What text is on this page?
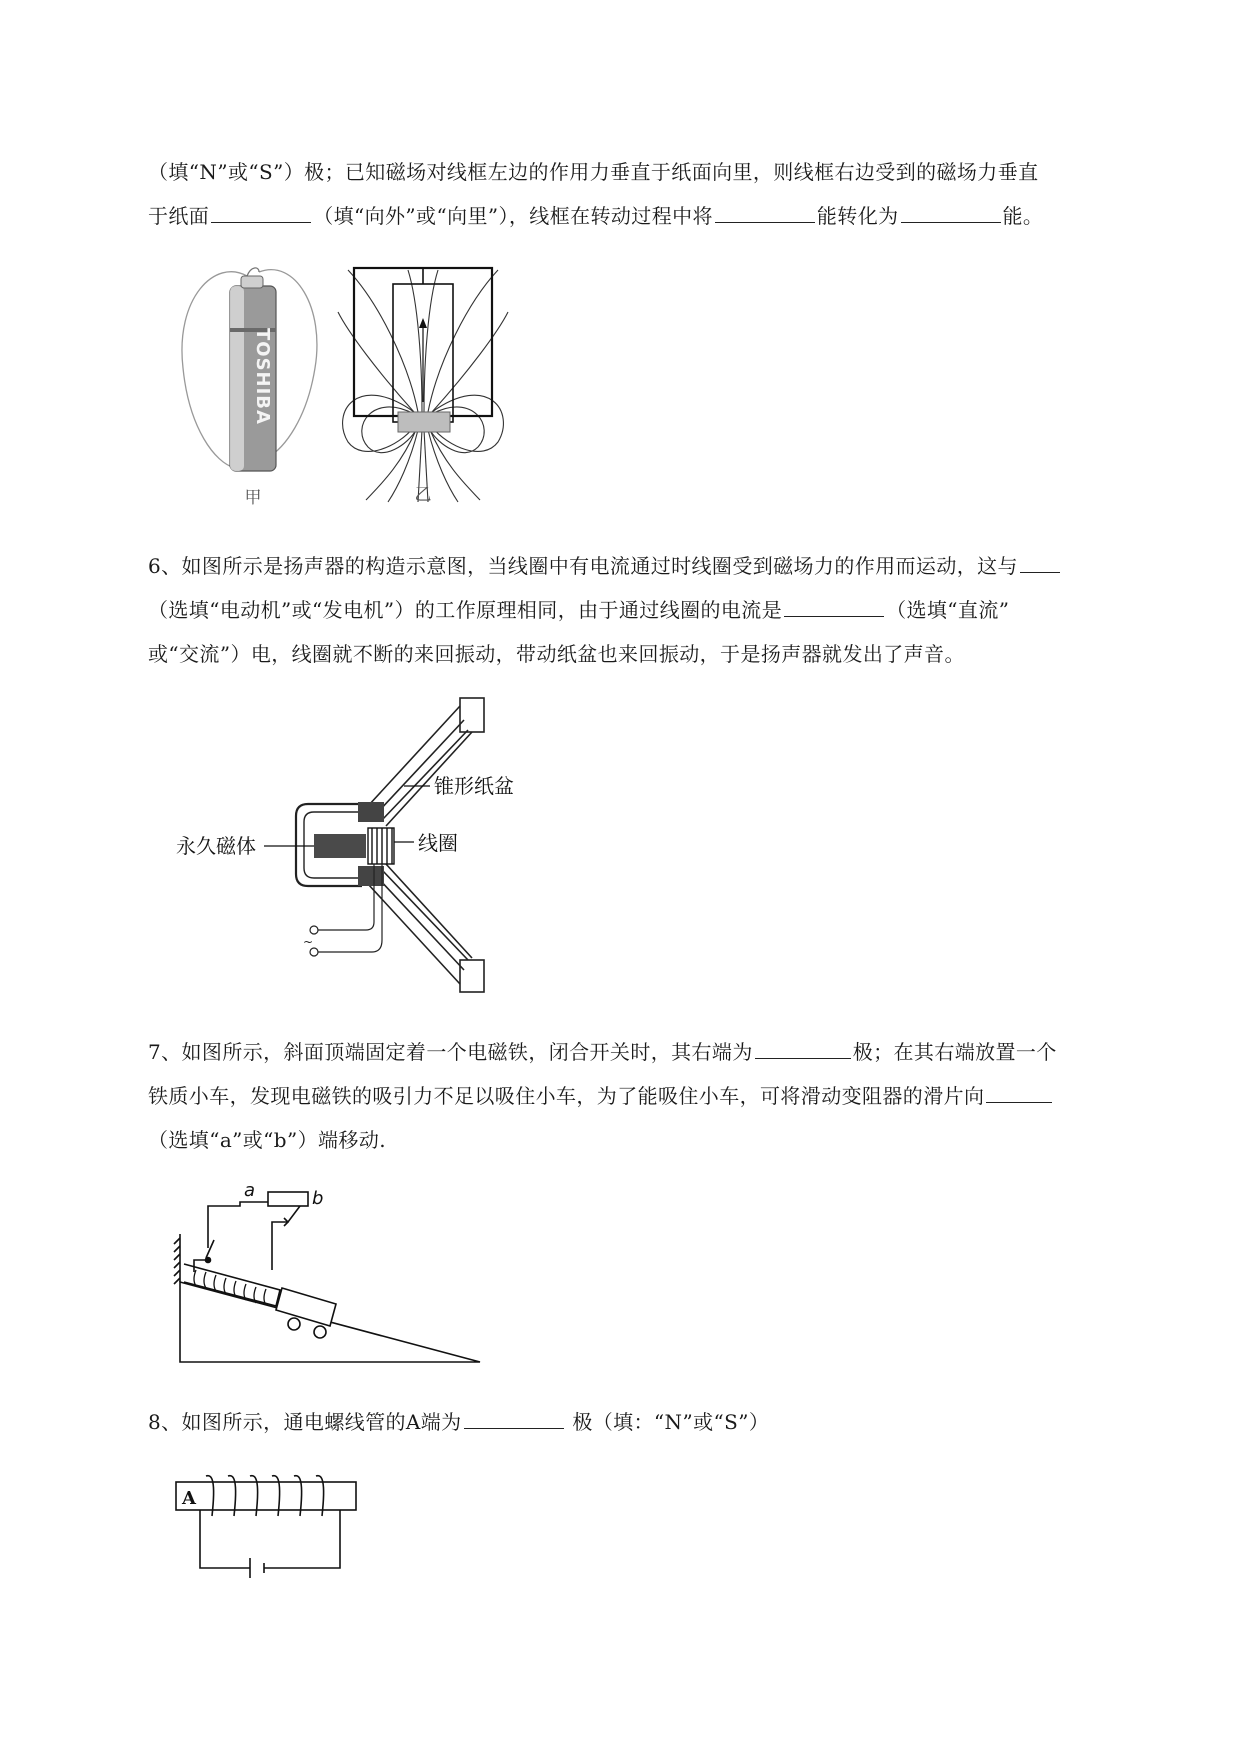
（填“N”或“S”）极；已知磁场对线框左边的作用力垂直于纸面向里，则线框右边受到的磁场力垂直
于纸面	（填“向外”或“向里”），线框在转动过程中将	能转化为	能。
TOSHIBA
甲	乙
6、如图所示是扬声器的构造示意图，当线圈中有电流通过时线圈受到磁场力的作用而运动，这与
（选填“电动机”或“发电机”）的工作原理相同，由于通过线圈的电流是	（选填“直流”
或“交流”）电，线圈就不断的来回振动，带动纸盆也来回振动，于是扬声器就发出了声音。
~
锥形纸盆
永久磁体	线圈
7、如图所示，斜面顶端固定着一个电磁铁，闭合开关时，其右端为	极；在其右端放置一个
铁质小车，发现电磁铁的吸引力不足以吸住小车，为了能吸住小车，可将滑动变阻器的滑片向
（选填“a”或“b”）端移动.
a	b
8、如图所示，通电螺线管的A端为	极（填：“N”或“S”）
A
